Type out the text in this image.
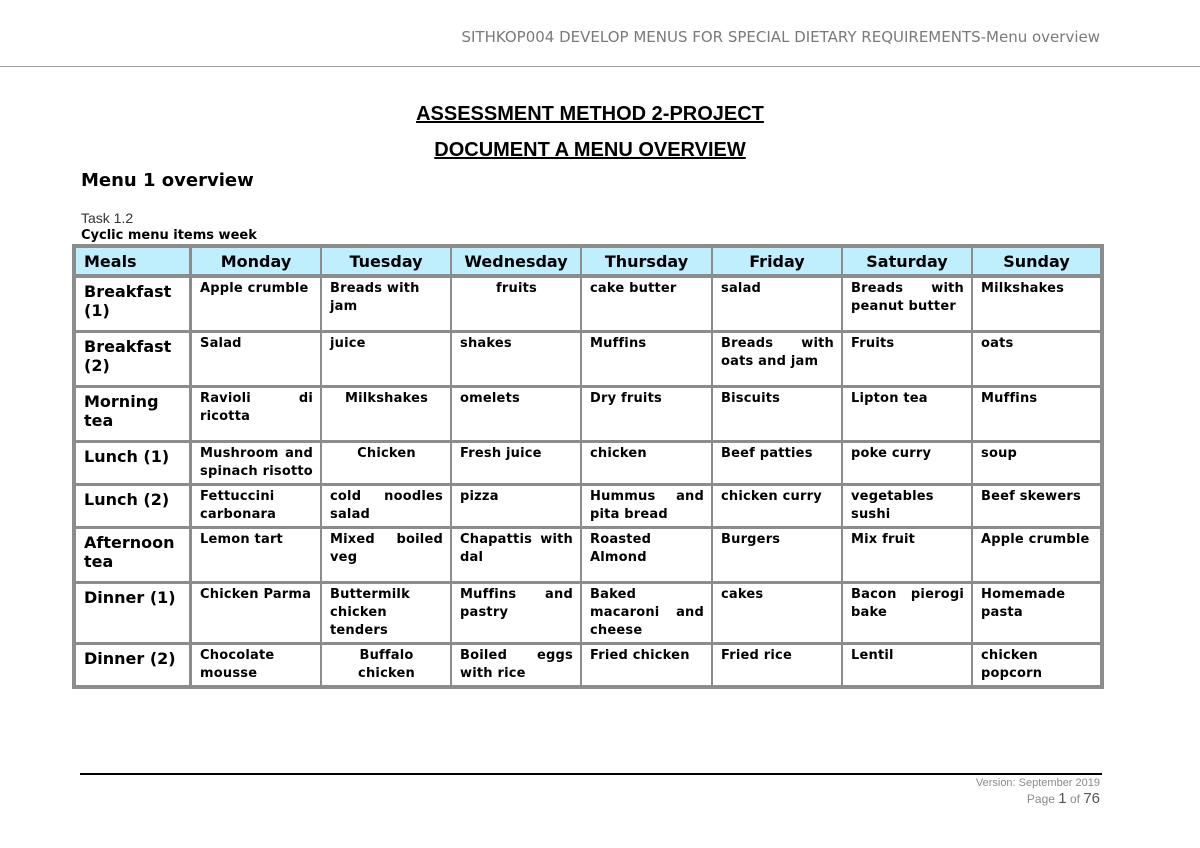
SITHKOP004 DEVELOP MENUS FOR SPECIAL DIETARY REQUIREMENTS-Menu overview
ASSESSMENT METHOD 2-PROJECT
DOCUMENT A MENU OVERVIEW
Menu 1 overview
Task 1.2
Cyclic menu items week
Meals	Monday	Tuesday	Wednesday	Thursday	Friday	Saturday	Sunday
Breakfast (1)	Apple crumble	Breads with jam	fruits	cake butter	salad	Breads with peanut butter	Milkshakes
Breakfast (2)	Salad	juice	shakes	Muffins	Breads with oats and jam	Fruits	oats
Morning tea	Ravioli di ricotta	Milkshakes	omelets	Dry fruits	Biscuits	Lipton tea	Muffins
Lunch (1)	Mushroom and spinach risotto	Chicken	Fresh juice	chicken	Beef patties	poke curry	soup
Lunch (2)	Fettuccini carbonara	cold noodles salad	pizza	Hummus and pita bread	chicken curry	vegetables sushi	Beef skewers
Afternoon tea	Lemon tart	Mixed boiled veg	Chapattis with dal	Roasted Almond	Burgers	Mix fruit	Apple crumble
Dinner (1)	Chicken Parma	Buttermilk chicken tenders	Muffins and pastry	Baked macaroni and cheese	cakes	Bacon pierogi bake	Homemade pasta
Dinner (2)	Chocolate mousse	Buffalo chicken	Boiled eggs with rice	Fried chicken	Fried rice	Lentil	chicken popcorn
Version: September 2019
Page 1 of 76
